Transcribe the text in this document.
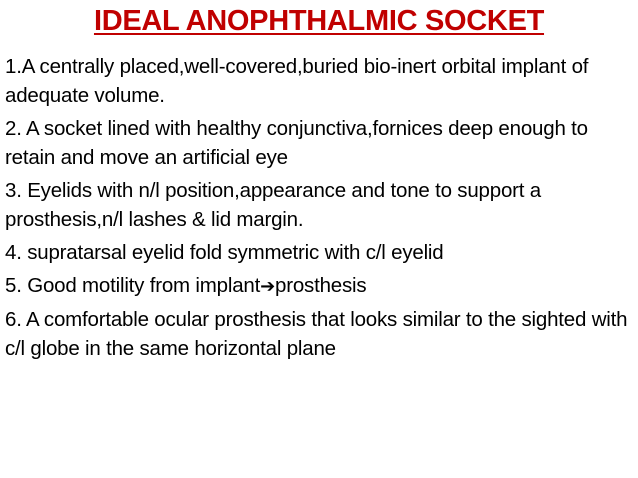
IDEAL ANOPHTHALMIC SOCKET
1.A centrally placed,well-covered,buried bio-inert orbital implant of adequate volume.
2. A socket lined with healthy conjunctiva,fornices deep enough to retain and move an artificial eye
3. Eyelids with n/l position,appearance and tone to support a prosthesis,n/l lashes & lid margin.
4. supratarsal eyelid fold symmetric with c/l eyelid
5. Good motility from implant➔prosthesis
6. A comfortable ocular prosthesis that looks similar to the sighted with c/l globe in the same horizontal plane
